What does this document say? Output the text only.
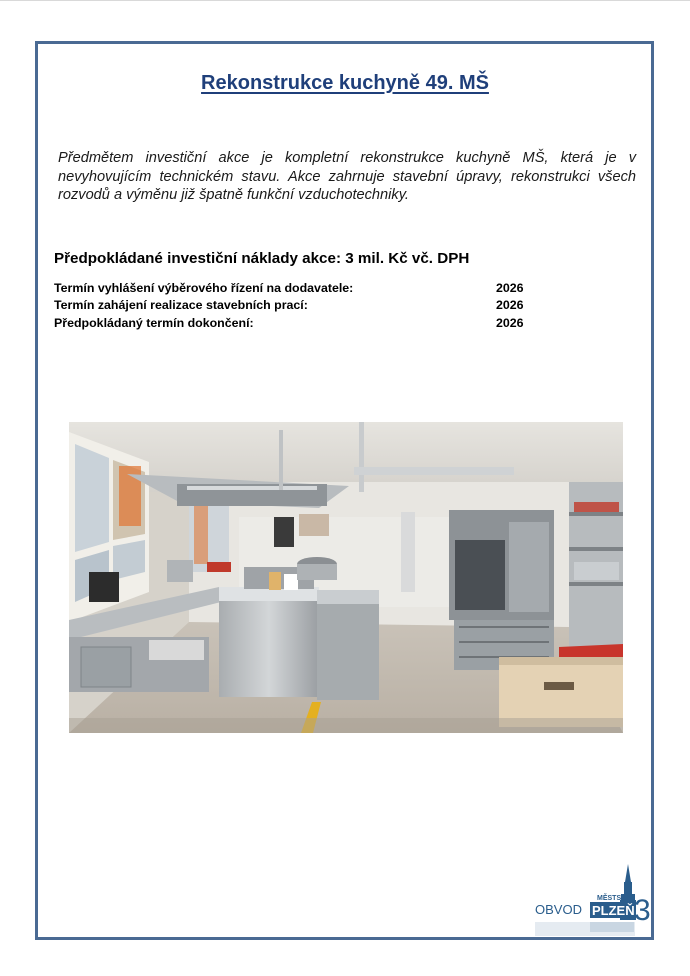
Rekonstrukce kuchyně 49. MŠ
Předmětem investiční akce je kompletní rekonstrukce kuchyně MŠ, která je v nevyhovujícím technickém stavu. Akce zahrnuje stavební úpravy, rekonstrukci všech rozvodů a výměnu již špatně funkční vzduchotechniky.
Předpokládané investiční náklady akce: 3 mil. Kč vč. DPH
Termín vyhlášení výběrového řízení na dodavatele:	2026
Termín zahájení realizace stavebních prací:	2026
Předpokládaný termín dokončení:	2026
MĚSTSKÝ
OBVOD PLZEŇ 3
